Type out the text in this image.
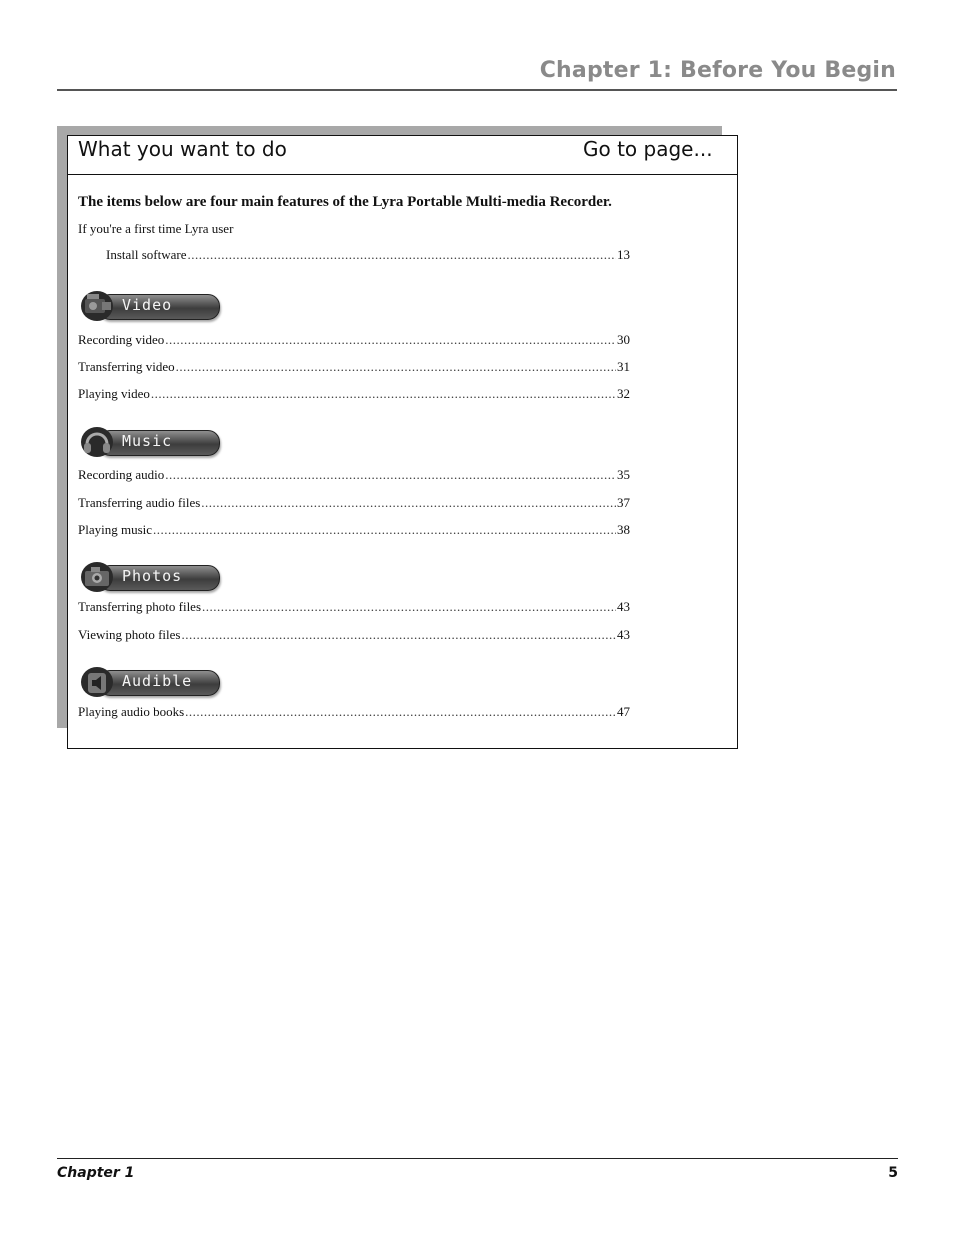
Chapter 1: Before You Begin
What you want to do	Go to page...
The items below are four main features of the Lyra Portable Multi-media Recorder.
If you're a first time Lyra user
Install software .....	13
Video
Recording video .....	30
Transferring video .....	31
Playing video .....	32
Music
Recording audio .....	35
Transferring audio files .....	37
Playing music .....	38
Photos
Transferring photo files .....	43
Viewing photo files .....	43
Audible
Playing audio books .....	47
Chapter 1	5
